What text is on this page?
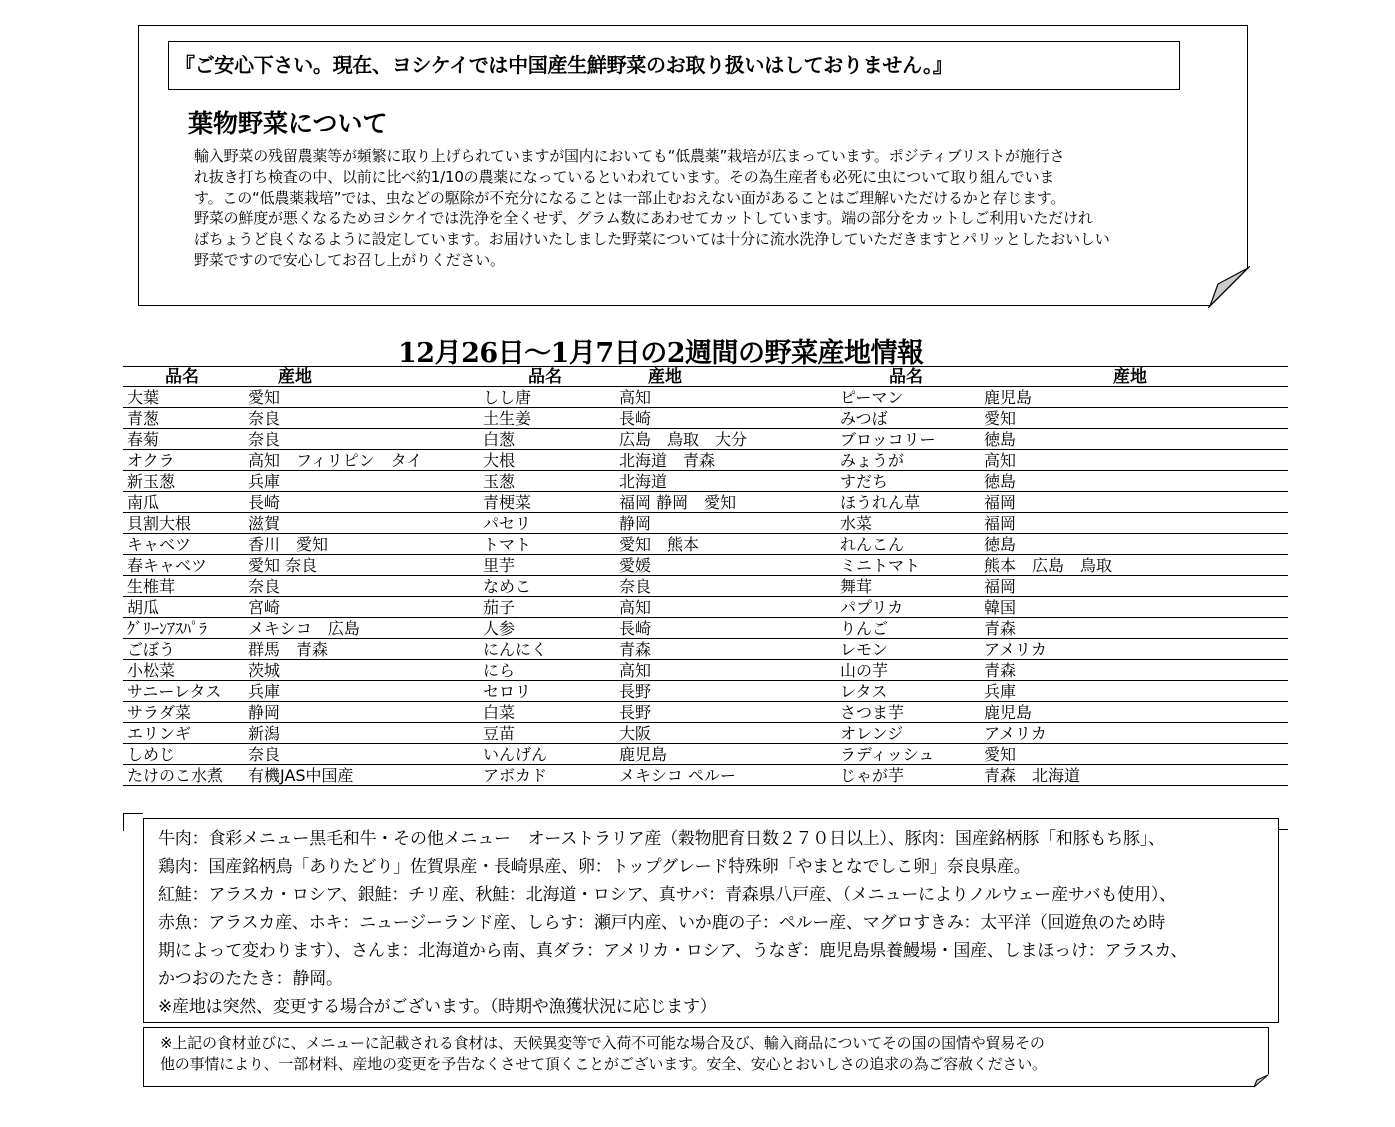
『ご安心下さい。現在、ヨシケイでは中国産生鮮野菜のお取り扱いはしておりません。』
葉物野菜について
輸入野菜の残留農薬等が頻繁に取り上げられていますが国内においても“低農薬”栽培が広まっています。ポジティブリストが施行さ
れ抜き打ち検査の中、以前に比べ約1/10の農薬になっているといわれています。その為生産者も必死に虫について取り組んでいま
す。この“低農薬栽培”では、虫などの駆除が不充分になることは一部止むおえない面があることはご理解いただけるかと存じます。
野菜の鮮度が悪くなるためヨシケイでは洗浄を全くせず、グラム数にあわせてカットしています。端の部分をカットしご利用いただけれ
ばちょうど良くなるように設定しています。お届けいたしました野菜については十分に流水洗浄していただきますとパリッとしたおいしい
野菜ですので安心してお召し上がりください。
12月26日～1月7日の2週間の野菜産地情報
品名	産地	品名	産地	品名	産地
大葉	愛知	しし唐	高知	ピーマン	鹿児島
青葱	奈良	土生姜	長崎	みつば	愛知
春菊	奈良	白葱	広島　鳥取　大分	ブロッコリー	徳島
オクラ	高知　フィリピン　タイ	大根	北海道　青森	みょうが	高知
新玉葱	兵庫	玉葱	北海道	すだち	徳島
南瓜	長崎	青梗菜	福岡 静岡　愛知	ほうれん草	福岡
貝割大根	滋賀	パセリ	静岡	水菜	福岡
キャベツ	香川　愛知	トマト	愛知　熊本	れんこん	徳島
春キャベツ	愛知 奈良	里芋	愛媛	ミニトマト	熊本　広島　鳥取
生椎茸	奈良	なめこ	奈良	舞茸	福岡
胡瓜	宮崎	茄子	高知	パプリカ	韓国
ｸﾞﾘｰﾝｱｽﾊﾟﾗ	メキシコ　広島	人参	長崎	りんご	青森
ごぼう	群馬　青森	にんにく	青森	レモン	アメリカ
小松菜	茨城	にら	高知	山の芋	青森
サニーレタス 兵庫	セロリ	長野	レタス	兵庫
サラダ菜	静岡	白菜	長野	さつま芋	鹿児島
エリンギ	新潟	豆苗	大阪	オレンジ	アメリカ
しめじ	奈良	いんげん	鹿児島	ラディッシュ	愛知
たけのこ水煮 有機JAS中国産	アボカド	メキシコ ペルー	じゃが芋	青森　北海道
牛肉：食彩メニュー黒毛和牛・その他メニュー　オーストラリア産（穀物肥育日数２７０日以上）、豚肉：国産銘柄豚「和豚もち豚」、
鶏肉：国産銘柄鳥「ありたどり」佐賀県産・長崎県産、卵：トップグレード特殊卵「やまとなでしこ卵」奈良県産。
紅鮭：アラスカ・ロシア、銀鮭：チリ産、秋鮭：北海道・ロシア、真サバ：青森県八戸産、（メニューによりノルウェー産サバも使用）、
赤魚：アラスカ産、ホキ：ニュージーランド産、しらす：瀬戸内産、いか鹿の子：ペルー産、マグロすきみ：太平洋（回遊魚のため時
期によって変わります）、さんま：北海道から南、真ダラ：アメリカ・ロシア、うなぎ：鹿児島県養鰻場・国産、しまほっけ：アラスカ、
かつおのたたき：静岡。
※産地は突然、変更する場合がございます。（時期や漁獲状況に応じます）
※上記の食材並びに、メニューに記載される食材は、天候異変等で入荷不可能な場合及び、輸入商品についてその国の国情や貿易その
他の事情により、一部材料、産地の変更を予告なくさせて頂くことがございます。安全、安心とおいしさの追求の為ご容赦ください。
